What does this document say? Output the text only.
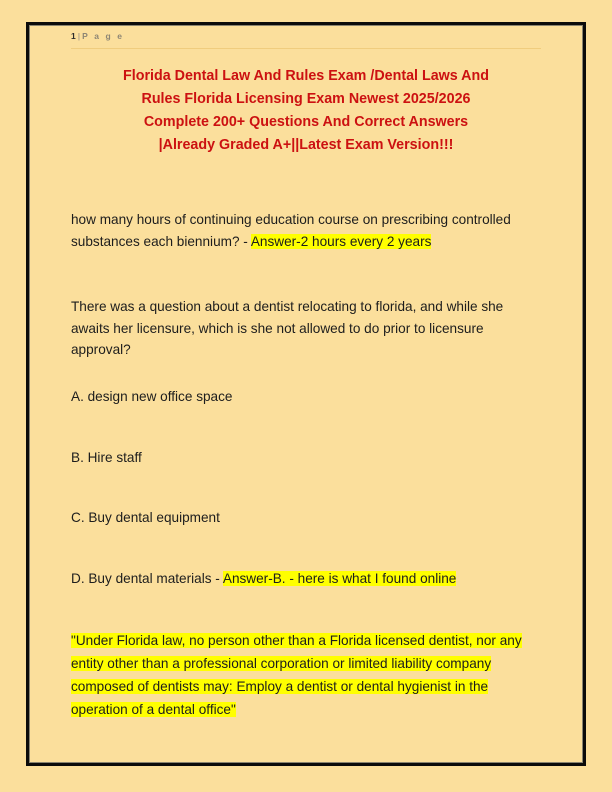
1 | P a g e
Florida Dental Law And Rules Exam /Dental Laws And
Rules Florida Licensing Exam Newest 2025/2026
Complete 200+ Questions And Correct Answers
|Already Graded A+||Latest Exam Version!!!

how many hours of continuing education course on prescribing controlled substances each biennium? - Answer-2 hours every 2 years

There was a question about a dentist relocating to florida, and while she awaits her licensure, which is she not allowed to do prior to licensure approval?

A. design new office space

B. Hire staff

C. Buy dental equipment

D. Buy dental materials - Answer-B. - here is what I found online

"Under Florida law, no person other than a Florida licensed dentist, nor any entity other than a professional corporation or limited liability company composed of dentists may: Employ a dentist or dental hygienist in the operation of a dental office"
